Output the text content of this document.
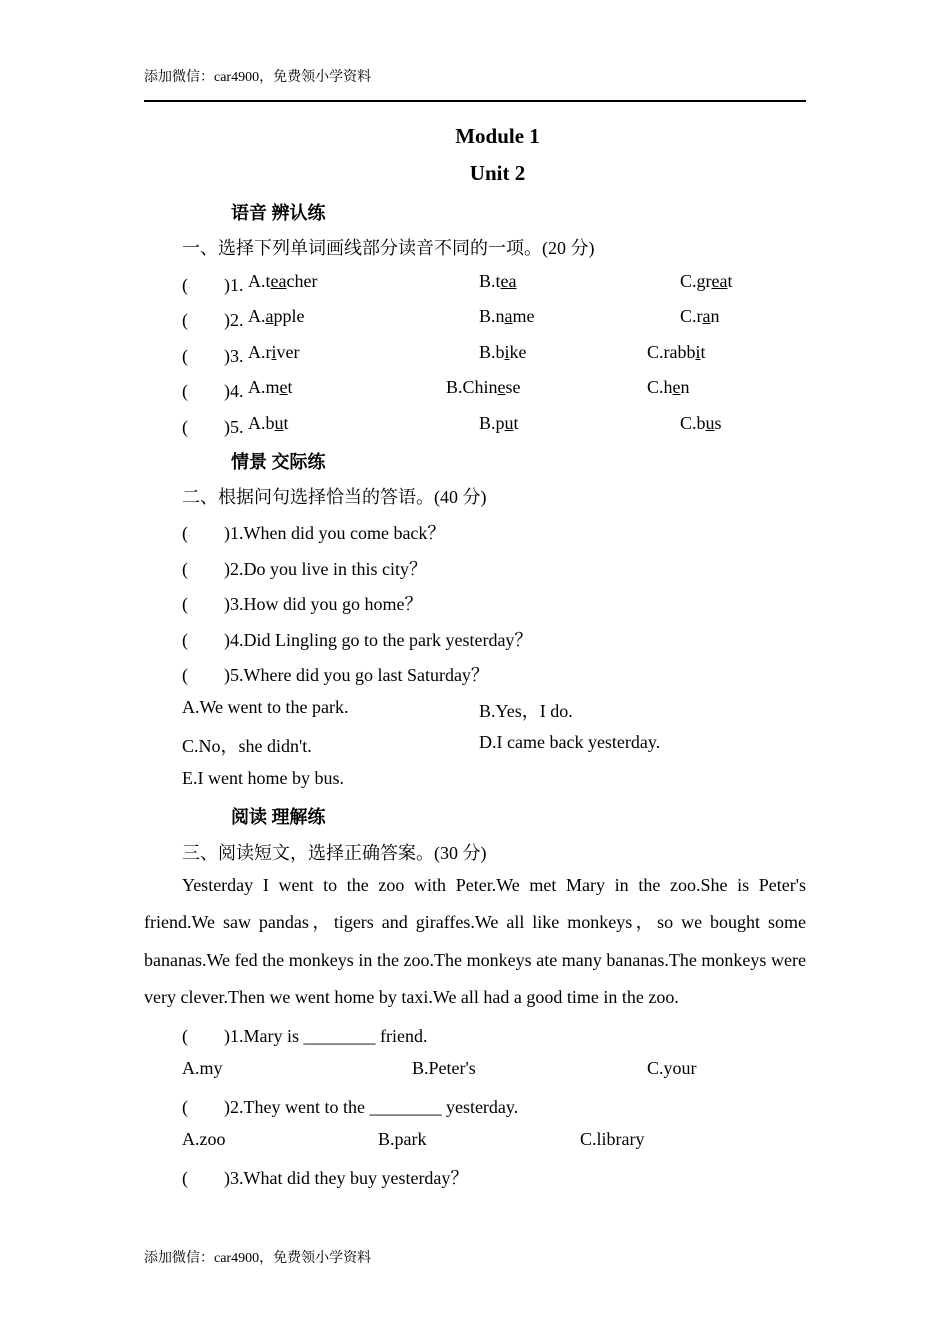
添加微信：car4900，免费领小学资料
Module 1
Unit 2
语音 辨认练
一、选择下列单词画线部分读音不同的一项。(20 分)
(　　)1. A.teacher	B.tea	C.great
(　　)2. A.apple	B.name	C.ran
(　　)3. A.river	B.bike	C.rabbit
(　　)4. A.met	B.Chinese	C.hen
(　　)5. A.but	B.put	C.bus
情景 交际练
二、根据问句选择恰当的答语。(40 分)
(　　)1.When did you come back？
(　　)2.Do you live in this city？
(　　)3.How did you go home？
(　　)4.Did Lingling go to the park yesterday？
(　　)5.Where did you go last Saturday？
A.We went to the park.	B.Yes，I do.
C.No，she didn't.	D.I came back yesterday.
E.I went home by bus.
阅读 理解练
三、阅读短文，选择正确答案。(30 分)
Yesterday I went to the zoo with Peter.We met Mary in the zoo.She is Peter's friend.We saw pandas，tigers and giraffes.We all like monkeys，so we bought some bananas.We fed the monkeys in the zoo.The monkeys ate many bananas.The monkeys were very clever.Then we went home by taxi.We all had a good time in the zoo.
(　　)1.Mary is ________ friend.
A.my	B.Peter's	C.your
(　　)2.They went to the ________ yesterday.
A.zoo	B.park	C.library
(　　)3.What did they buy yesterday？
添加微信：car4900，免费领小学资料
